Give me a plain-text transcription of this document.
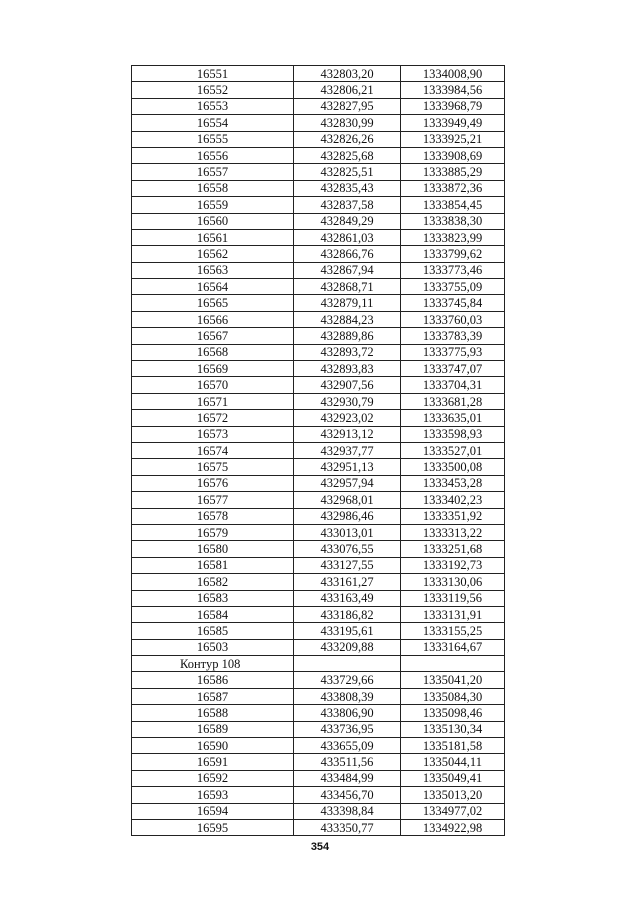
16551	432803,20	1334008,90
16552	432806,21	1333984,56
16553	432827,95	1333968,79
16554	432830,99	1333949,49
16555	432826,26	1333925,21
16556	432825,68	1333908,69
16557	432825,51	1333885,29
16558	432835,43	1333872,36
16559	432837,58	1333854,45
16560	432849,29	1333838,30
16561	432861,03	1333823,99
16562	432866,76	1333799,62
16563	432867,94	1333773,46
16564	432868,71	1333755,09
16565	432879,11	1333745,84
16566	432884,23	1333760,03
16567	432889,86	1333783,39
16568	432893,72	1333775,93
16569	432893,83	1333747,07
16570	432907,56	1333704,31
16571	432930,79	1333681,28
16572	432923,02	1333635,01
16573	432913,12	1333598,93
16574	432937,77	1333527,01
16575	432951,13	1333500,08
16576	432957,94	1333453,28
16577	432968,01	1333402,23
16578	432986,46	1333351,92
16579	433013,01	1333313,22
16580	433076,55	1333251,68
16581	433127,55	1333192,73
16582	433161,27	1333130,06
16583	433163,49	1333119,56
16584	433186,82	1333131,91
16585	433195,61	1333155,25
16503	433209,88	1333164,67
Контур 108		
16586	433729,66	1335041,20
16587	433808,39	1335084,30
16588	433806,90	1335098,46
16589	433736,95	1335130,34
16590	433655,09	1335181,58
16591	433511,56	1335044,11
16592	433484,99	1335049,41
16593	433456,70	1335013,20
16594	433398,84	1334977,02
16595	433350,77	1334922,98
354
